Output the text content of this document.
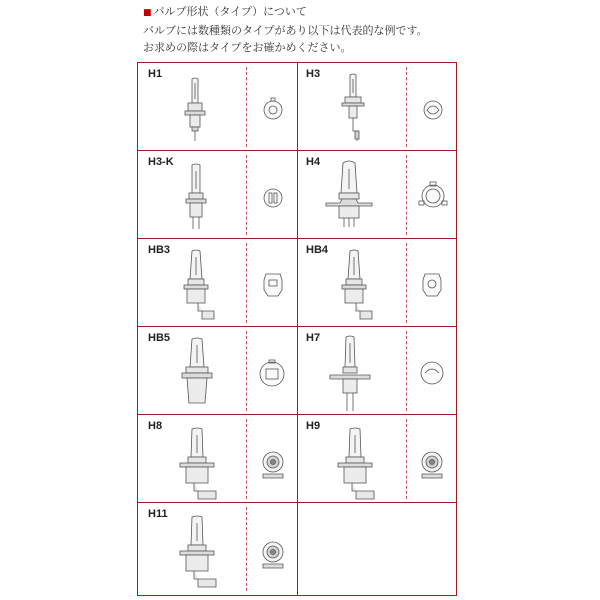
■ バルブ形状（タイプ）について
バルブには数種類のタイプがあり以下は代表的な例です。
お求めの際はタイプをお確かめください。
H1	H3
H3-K	H4
HB3	HB4
HB5	H7
H8	H9
H11
